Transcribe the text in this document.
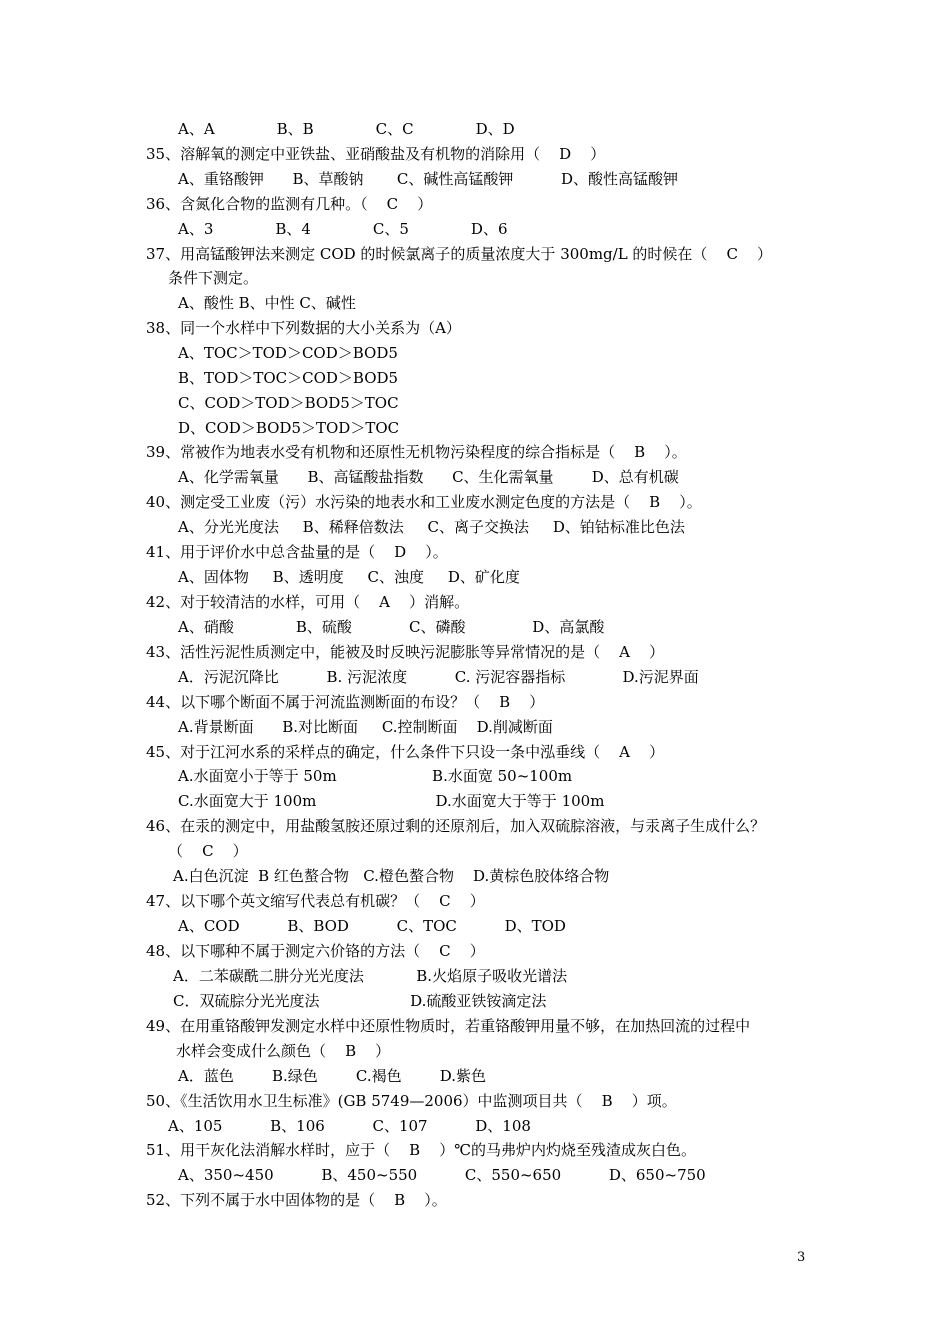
A、A             B、B             C、C             D、D
35、溶解氧的测定中亚铁盐、亚硝酸盐及有机物的消除用（    D    ）
A、重铬酸钾      B、草酸钠       C、碱性高锰酸钾          D、酸性高锰酸钾
36、含氮化合物的监测有几种。（    C    ）
A、3             B、4             C、5             D、6
37、用高锰酸钾法来测定 COD 的时候氯离子的质量浓度大于 300mg/L 的时候在（    C    ）
条件下测定。
A、酸性 B、中性 C、碱性
38、同一个水样中下列数据的大小关系为（A）
A、TOC＞TOD＞COD＞BOD5
B、TOD＞TOC＞COD＞BOD5
C、COD＞TOD＞BOD5＞TOC
D、COD＞BOD5＞TOD＞TOC
39、常被作为地表水受有机物和还原性无机物污染程度的综合指标是（    B    ）。
A、化学需氧量      B、高锰酸盐指数      C、生化需氧量        D、总有机碳
40、测定受工业废（污）水污染的地表水和工业废水测定色度的方法是（    B    ）。
A、分光光度法     B、稀释倍数法     C、离子交换法     D、铂钴标准比色法
41、用于评价水中总含盐量的是（    D    ）。
A、固体物     B、透明度     C、浊度     D、矿化度
42、对于较清洁的水样，可用（    A    ）消解。
A、硝酸             B、硫酸            C、磷酸              D、高氯酸
43、活性污泥性质测定中，能被及时反映污泥膨胀等异常情况的是（    A    ）
A．污泥沉降比          B. 污泥浓度          C. 污泥容器指标            D.污泥界面
44、以下哪个断面不属于河流监测断面的布设？（    B    ）
A.背景断面      B.对比断面     C.控制断面    D.削减断面
45、对于江河水系的采样点的确定，什么条件下只设一条中泓垂线（    A    ）
A.水面宽小于等于 50m                    B.水面宽 50~100m
C.水面宽大于 100m                         D.水面宽大于等于 100m
46、在汞的测定中，用盐酸氢胺还原过剩的还原剂后，加入双硫腙溶液，与汞离子生成什么？
（    C    ）
A.白色沉淀  B 红色螯合物   C.橙色螯合物    D.黄棕色胶体络合物
47、以下哪个英文缩写代表总有机碳？（    C    ）
A、COD          B、BOD          C、TOC          D、TOD
48、以下哪种不属于测定六价铬的方法（    C    ）
A．二苯碳酰二肼分光光度法           B.火焰原子吸收光谱法
C．双硫腙分光光度法                   D.硫酸亚铁铵滴定法
49、在用重铬酸钾发测定水样中还原性物质时，若重铬酸钾用量不够，在加热回流的过程中
水样会变成什么颜色（    B    ）
A．蓝色        B.绿色        C.褐色        D.紫色
50、《生活饮用水卫生标准》(GB 5749—2006）中监测项目共（    B    ）项。
A、105          B、106          C、107          D、108
51、用干灰化法消解水样时，应于（    B    ）℃的马弗炉内灼烧至残渣成灰白色。
A、350~450          B、450~550          C、550~650          D、650~750
52、下列不属于水中固体物的是（    B    ）。
3
